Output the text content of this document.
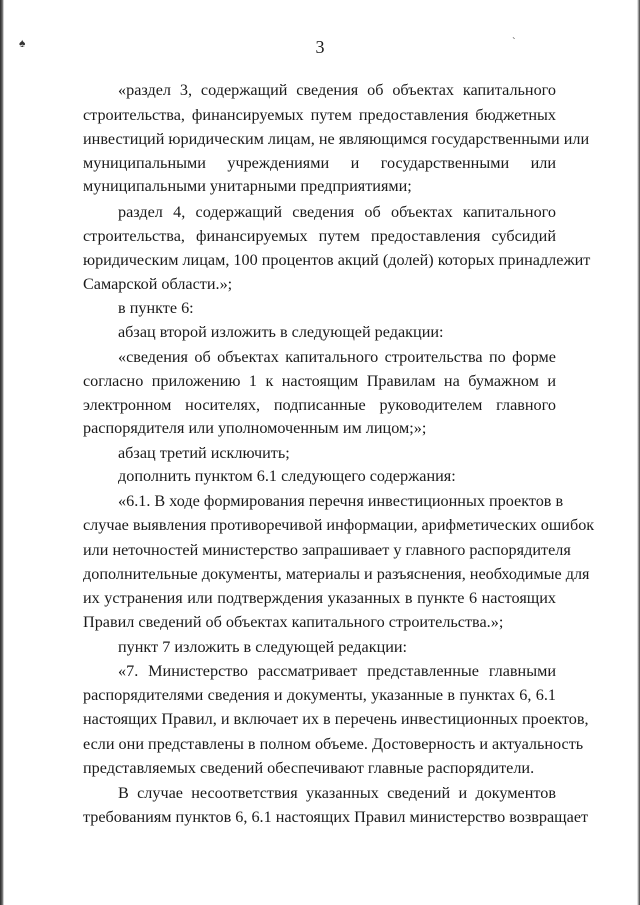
♠	ˋ
3
«раздел 3, содержащий сведения об объектах капитального
строительства, финансируемых путем предоставления бюджетных
инвестиций юридическим лицам, не являющимся государственными или
муниципальными учреждениями и государственными или
муниципальными унитарными предприятиями;
раздел 4, содержащий сведения об объектах капитального
строительства, финансируемых путем предоставления субсидий
юридическим лицам, 100 процентов акций (долей) которых принадлежит
Самарской области.»;
в пункте 6:
абзац второй изложить в следующей редакции:
«сведения об объектах капитального строительства по форме
согласно приложению 1 к настоящим Правилам на бумажном и
электронном носителях, подписанные руководителем главного
распорядителя или уполномоченным им лицом;»;
абзац третий исключить;
дополнить пунктом 6.1 следующего содержания:
«6.1. В ходе формирования перечня инвестиционных проектов в
случае выявления противоречивой информации, арифметических ошибок
или неточностей министерство запрашивает у главного распорядителя
дополнительные документы, материалы и разъяснения, необходимые для
их устранения или подтверждения указанных в пункте 6 настоящих
Правил сведений об объектах капитального строительства.»;
пункт 7 изложить в следующей редакции:
«7. Министерство рассматривает представленные главными
распорядителями сведения и документы, указанные в пунктах 6, 6.1
настоящих Правил, и включает их в перечень инвестиционных проектов,
если они представлены в полном объеме. Достоверность и актуальность
представляемых сведений обеспечивают главные распорядители.
В случае несоответствия указанных сведений и документов
требованиям пунктов 6, 6.1 настоящих Правил министерство возвращает
